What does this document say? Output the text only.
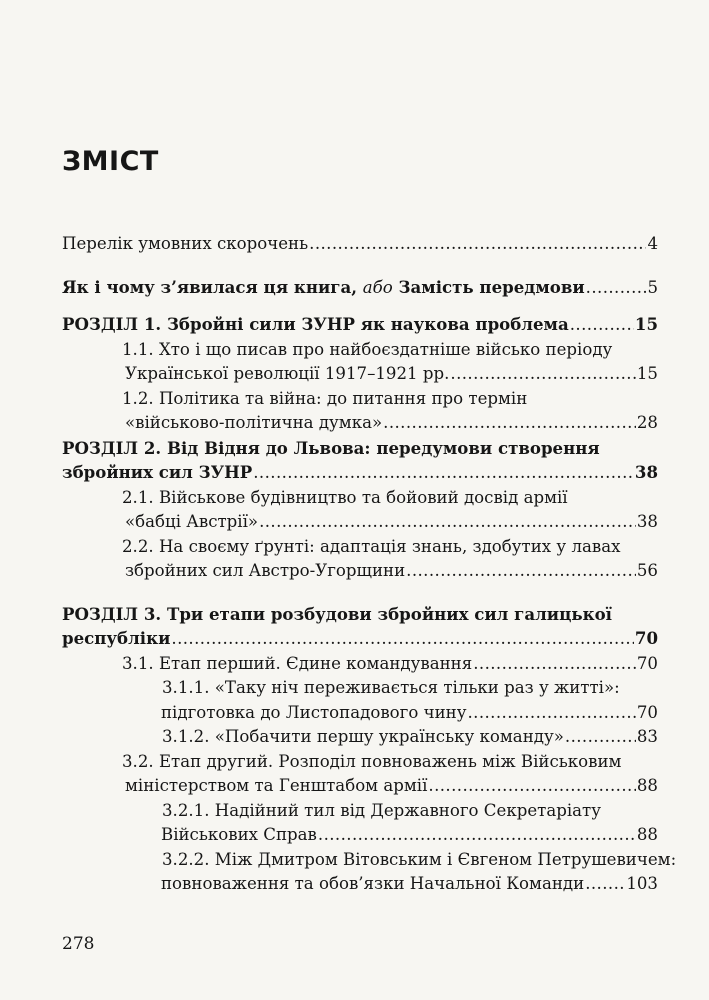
ЗМІСТ
Перелік умовних скорочень .....	4
Як і чому з’явилася ця книга, або Замість передмови .....	5
РОЗДІЛ 1. Збройні сили ЗУНР як наукова проблема .....	15
1.1. Хто і що писав про найбоєздатніше військо періоду
Української революції 1917–1921 рр. .....	15
1.2. Політика та війна: до питання про термін
«військово-політична думка» .....	28
РОЗДІЛ 2. Від Відня до Львова: передумови створення
збройних сил ЗУНР .....	38
2.1. Військове будівництво та бойовий досвід армії
«бабці Австрії» .....	38
2.2. На своєму ґрунті: адаптація знань, здобутих у лавах
збройних сил Австро-Угорщини .....	56
РОЗДІЛ 3. Три етапи розбудови збройних сил галицької
республіки .....	70
3.1. Етап перший. Єдине командування .....	70
3.1.1. «Таку ніч переживається тільки раз у житті»:
підготовка до Листопадового чину .....	70
3.1.2. «Побачити першу українську команду» .....	83
3.2. Етап другий. Розподіл повноважень між Військовим
міністерством та Генштабом армії .....	88
3.2.1. Надійний тил від Державного Секретаріату
Військових Справ .....	88
3.2.2. Між Дмитром Вітовським і Євгеном Петрушевичем:
повноваження та обов’язки Начальної Команди .....	103
278
